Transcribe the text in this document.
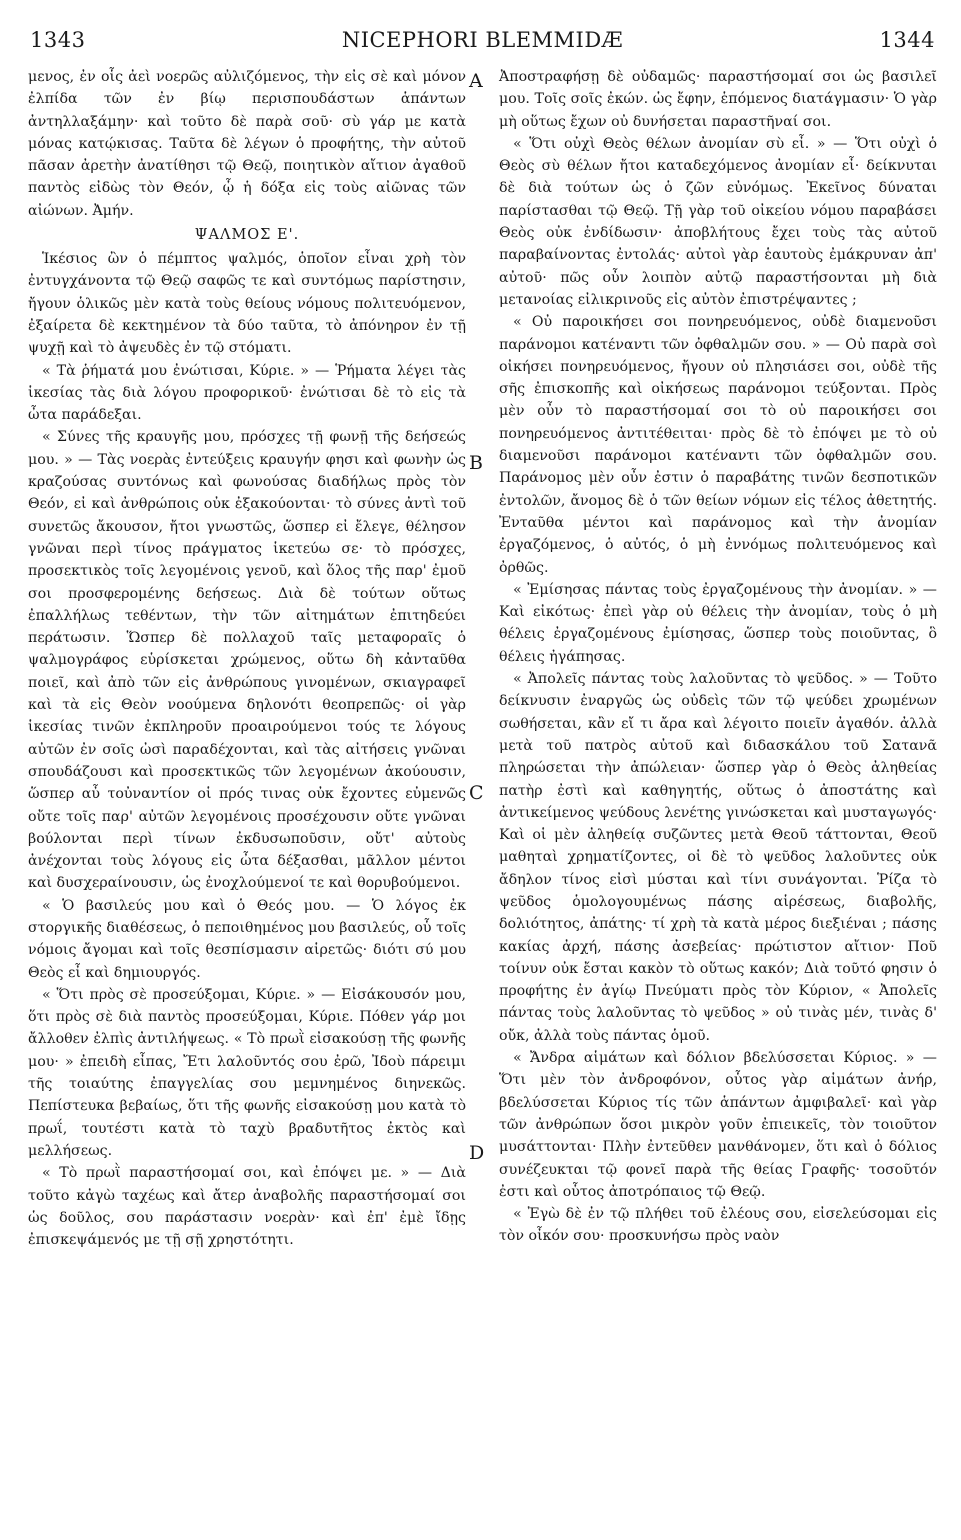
1343	NICEPHORI BLEMMIDÆ	1344
A
B
C
D

μενος, ἐν οἷς ἀεὶ νοερῶς αὐλιζόμενος, τὴν εἰς σὲ καὶ μόνον ἐλπίδα τῶν ἐν βίῳ περισπουδάστων ἁπάντων ἀντηλλαξάμην· καὶ τοῦτο δὲ παρὰ σοῦ· σὺ γάρ με κατὰ μόνας κατῴκισας. Ταῦτα δὲ λέγων ὁ προφήτης, τὴν αὐτοῦ πᾶσαν ἀρετὴν ἀνατίθησι τῷ Θεῷ, ποιητικὸν αἴτιον ἀγαθοῦ παντὸς εἰδὼς τὸν Θεόν, ᾧ ἡ δόξα εἰς τοὺς αἰῶνας τῶν αἰώνων. Ἀμήν.

ΨΑΛΜΟΣ Ε'.

Ἱκέσιος ὢν ὁ πέμπτος ψαλμός, ὁποῖον εἶναι χρὴ τὸν ἐντυγχάνοντα τῷ Θεῷ σαφῶς τε καὶ συντόμως παρίστησιν, ἤγουν ὁλικῶς μὲν κατὰ τοὺς θείους νόμους πολιτευόμενον, ἐξαίρετα δὲ κεκτημένον τὰ δύο ταῦτα, τὸ ἀπόνηρον ἐν τῇ ψυχῇ καὶ τὸ ἀψευδὲς ἐν τῷ στόματι.

« Τὰ ῥήματά μου ἐνώτισαι, Κύριε. » — Ῥήματα λέγει τὰς ἱκεσίας τὰς διὰ λόγου προφορικοῦ· ἐνώτισαι δὲ τὸ εἰς τὰ ὦτα παράδεξαι.

« Σύνες τῆς κραυγῆς μου, πρόσχες τῇ φωνῇ τῆς δεήσεώς μου. » — Τὰς νοερὰς ἐντεύξεις κραυγήν φησι καὶ φωνὴν ὡς κραζούσας συντόνως καὶ φωνούσας διαδήλως πρὸς τὸν Θεόν, εἰ καὶ ἀνθρώποις οὐκ ἐξακούονται· τὸ σύνες ἀντὶ τοῦ συνετῶς ἄκουσον, ἤτοι γνωστῶς, ὥσπερ εἰ ἔλεγε, θέλησον γνῶναι περὶ τίνος πράγματος ἱκετεύω σε· τὸ πρόσχες, προσεκτικὸς τοῖς λεγομένοις γενοῦ, καὶ ὅλος τῆς παρ' ἐμοῦ σοι προσφερομένης δεήσεως. Διὰ δὲ τούτων οὕτως ἐπαλλήλως τεθέντων, τὴν τῶν αἰτημάτων ἐπιτηδεύει περάτωσιν. Ὥσπερ δὲ πολλαχοῦ ταῖς μεταφοραῖς ὁ ψαλμογράφος εὑρίσκεται χρώμενος, οὕτω δὴ κἀνταῦθα ποιεῖ, καὶ ἀπὸ τῶν εἰς ἀνθρώπους γινομένων, σκιαγραφεῖ καὶ τὰ εἰς Θεὸν νοούμενα δηλονότι θεοπρεπῶς· οἱ γὰρ ἱκεσίας τινῶν ἐκπληροῦν προαιρούμενοι τούς τε λόγους αὐτῶν ἐν σοῖς ὠσὶ παραδέχονται, καὶ τὰς αἰτήσεις γνῶναι σπουδάζουσι καὶ προσεκτικῶς τῶν λεγομένων ἀκούουσιν, ὥσπερ αὖ τοὐναντίον οἱ πρός τινας οὐκ ἔχοντες εὐμενῶς οὔτε τοῖς παρ' αὐτῶν λεγομένοις προσέχουσιν οὔτε γνῶναι βούλονται περὶ τίνων ἐκδυσωποῦσιν, οὔτ' αὐτοὺς ἀνέχονται τοὺς λόγους εἰς ὦτα δέξασθαι, μᾶλλον μέντοι καὶ δυσχεραίνουσιν, ὡς ἐνοχλούμενοί τε καὶ θορυβούμενοι.

« Ὁ βασιλεύς μου καὶ ὁ Θεός μου. — Ὁ λόγος ἐκ στοργικῆς διαθέσεως, ὁ πεποιθημένος μου βασιλεύς, οὗ τοῖς νόμοις ἄγομαι καὶ τοῖς θεσπίσμασιν αἱρετῶς· διότι σύ μου Θεὸς εἶ καὶ δημιουργός.

« Ὅτι πρὸς σὲ προσεύξομαι, Κύριε. » — Εἰσάκουσόν μου, ὅτι πρὸς σὲ διὰ παντὸς προσεύξομαι, Κύριε. Πόθεν γάρ μοι ἄλλοθεν ἐλπὶς ἀντιλήψεως. « Τὸ πρωῒ εἰσακούσῃ τῆς φωνῆς μου· » ἐπειδὴ εἶπας, Ἔτι λαλοῦντός σου ἐρῶ, Ἰδοὺ πάρειμι τῆς τοιαύτης ἐπαγγελίας σου μεμνημένος διηνεκῶς. Πεπίστευκα βεβαίως, ὅτι τῆς φωνῆς εἰσακούσῃ μου κατὰ τὸ πρωΐ, τουτέστι κατὰ τὸ ταχὺ βραδυτῆτος ἐκτὸς καὶ μελλήσεως.

« Τὸ πρωῒ παραστήσομαί σοι, καὶ ἐπόψει με. » — Διὰ τοῦτο κἀγὼ ταχέως καὶ ἄτερ ἀναβολῆς παραστήσομαί σοι ὡς δοῦλος, σου παράστασιν νοερὰν· καὶ ἐπ' ἐμὲ ἴδῃς ἐπισκεψάμενός με τῇ σῇ χρηστότητι.

Ἀποστραφήσῃ δὲ οὐδαμῶς· παραστήσομαί σοι ὡς βασιλεῖ μου. Τοῖς σοῖς ἐκών. ὡς ἔφην, ἑπόμενος διατάγμασιν· Ὁ γὰρ μὴ οὕτως ἔχων οὐ δυνήσεται παραστῆναί σοι.

« Ὅτι οὐχὶ Θεὸς θέλων ἀνομίαν σὺ εἶ. » — Ὅτι οὐχὶ ὁ Θεὸς σὺ θέλων ἤτοι καταδεχόμενος ἀνομίαν εἶ· δείκνυται δὲ διὰ τούτων ὡς ὁ ζῶν εὐνόμως. Ἐκεῖνος δύναται παρίστασθαι τῷ Θεῷ. Τῇ γὰρ τοῦ οἰκείου νόμου παραβάσει Θεὸς οὐκ ἐνδίδωσιν· ἀποβλήτους ἔχει τοὺς τὰς αὐτοῦ παραβαίνοντας ἐντολάς· αὐτοὶ γὰρ ἑαυτοὺς ἐμάκρυναν ἀπ' αὐτοῦ· πῶς οὖν λοιπὸν αὐτῷ παραστήσονται μὴ διὰ μετανοίας εἰλικρινοῦς εἰς αὐτὸν ἐπιστρέψαντες ;

« Οὐ παροικήσει σοι πονηρευόμενος, οὐδὲ διαμενοῦσι παράνομοι κατέναντι τῶν ὀφθαλμῶν σου. » — Οὐ παρὰ σοὶ οἰκήσει πονηρευόμενος, ἤγουν οὐ πλησιάσει σοι, οὐδὲ τῆς σῆς ἐπισκοπῆς καὶ οἰκήσεως παράνομοι τεύξονται. Πρὸς μὲν οὖν τὸ παραστήσομαί σοι τὸ οὐ παροικήσει σοι πονηρευόμενος ἀντιτέθειται· πρὸς δὲ τὸ ἐπόψει με τὸ οὐ διαμενοῦσι παράνομοι κατέναντι τῶν ὀφθαλμῶν σου. Παράνομος μὲν οὖν ἐστιν ὁ παραβάτης τινῶν δεσποτικῶν ἐντολῶν, ἄνομος δὲ ὁ τῶν θείων νόμων εἰς τέλος ἀθετητής. Ἐνταῦθα μέντοι καὶ παράνομος καὶ τὴν ἀνομίαν ἐργαζόμενος, ὁ αὐτός, ὁ μὴ ἐννόμως πολιτευόμενος καὶ ὀρθῶς.

« Ἐμίσησας πάντας τοὺς ἐργαζομένους τὴν ἀνομίαν. » — Καὶ εἰκότως· ἐπεὶ γὰρ οὐ θέλεις τὴν ἀνομίαν, τοὺς ὁ μὴ θέλεις ἐργαζομένους ἐμίσησας, ὥσπερ τοὺς ποιοῦντας, ὃ θέλεις ἠγάπησας.

« Ἀπολεῖς πάντας τοὺς λαλοῦντας τὸ ψεῦδος. » — Τοῦτο δείκνυσιν ἐναργῶς ὡς οὐδεὶς τῶν τῷ ψεύδει χρωμένων σωθήσεται, κἂν εἴ τι ἄρα καὶ λέγοιτο ποιεῖν ἀγαθόν. ἀλλὰ μετὰ τοῦ πατρὸς αὐτοῦ καὶ διδασκάλου τοῦ Σατανᾶ πληρώσεται τὴν ἀπώλειαν· ὥσπερ γὰρ ὁ Θεὸς ἀληθείας πατὴρ ἐστὶ καὶ καθηγητής, οὕτως ὁ ἀποστάτης καὶ ἀντικείμενος ψεύδους λενέτης γινώσκεται καὶ μυσταγωγός· Καὶ οἱ μὲν ἀληθείᾳ συζῶντες μετὰ Θεοῦ τάττονται, Θεοῦ μαθηταὶ χρηματίζοντες, οἱ δὲ τὸ ψεῦδος λαλοῦντες οὐκ ἄδηλον τίνος εἰσὶ μύσται καὶ τίνι συνάγονται. Ῥίζα τὸ ψεῦδος ὁμολογουμένως πάσης αἱρέσεως, διαβολῆς, δολιότητος, ἀπάτης· τί χρὴ τὰ κατὰ μέρος διεξιέναι ; πάσης κακίας ἀρχή, πάσης ἀσεβείας· πρώτιστον αἴτιον· Ποῦ τοίνυν οὐκ ἔσται κακὸν τὸ οὕτως κακόν; Διὰ τοῦτό φησιν ὁ προφήτης ἐν ἁγίῳ Πνεύματι πρὸς τὸν Κύριον, « Ἀπολεῖς πάντας τοὺς λαλοῦντας τὸ ψεῦδος » οὐ τινὰς μέν, τινὰς δ' οὔκ, ἀλλὰ τοὺς πάντας ὁμοῦ.

« Ἄνδρα αἱμάτων καὶ δόλιον βδελύσσεται Κύριος. » — Ὅτι μὲν τὸν ἀνδροφόνον, οὗτος γὰρ αἱμάτων ἀνήρ, βδελύσσεται Κύριος τίς τῶν ἁπάντων ἀμφιβαλεῖ· καὶ γὰρ τῶν ἀνθρώπων ὅσοι μικρὸν γοῦν ἐπιεικεῖς, τὸν τοιοῦτον μυσάττονται· Πλὴν ἐντεῦθεν μανθάνομεν, ὅτι καὶ ὁ δόλιος συνέζευκται τῷ φονεῖ παρὰ τῆς θείας Γραφῆς· τοσοῦτόν ἐστι καὶ οὗτος ἀποτρόπαιος τῷ Θεῷ.

« Ἐγὼ δὲ ἐν τῷ πλήθει τοῦ ἐλέους σου, εἰσελεύσομαι εἰς τὸν οἶκόν σου· προσκυνήσω πρὸς ναὸν
